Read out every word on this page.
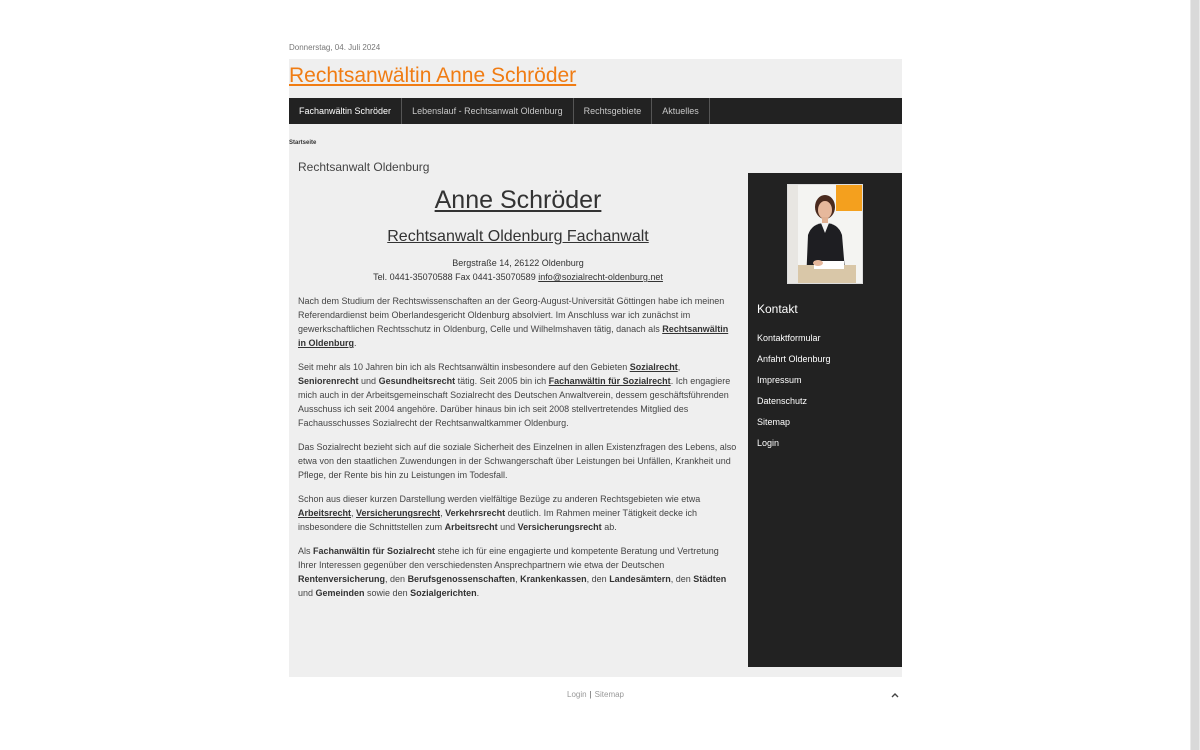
Donnerstag, 04. Juli 2024
Rechtsanwältin Anne Schröder
Fachanwältin Schröder	Lebenslauf - Rechtsanwalt Oldenburg	Rechtsgebiete	Aktuelles
Startseite
Rechtsanwalt Oldenburg
Anne Schröder
Rechtsanwalt Oldenburg Fachanwalt
Bergstraße 14, 26122 Oldenburg
Tel. 0441-35070588 Fax 0441-35070589 info@sozialrecht-oldenburg.net

Nach dem Studium der Rechtswissenschaften an der Georg-August-Universität Göttingen habe ich meinen Referendardienst beim Oberlandesgericht Oldenburg absolviert. Im Anschluss war ich zunächst im gewerkschaftlichen Rechtsschutz in Oldenburg, Celle und Wilhelmshaven tätig, danach als Rechtsanwältin in Oldenburg.

Seit mehr als 10 Jahren bin ich als Rechtsanwältin insbesondere auf den Gebieten Sozialrecht, Seniorenrecht und Gesundheitsrecht tätig. Seit 2005 bin ich Fachanwältin für Sozialrecht. Ich engagiere mich auch in der Arbeitsgemeinschaft Sozialrecht des Deutschen Anwaltverein, dessem geschäftsführenden Ausschuss ich seit 2004 angehöre. Darüber hinaus bin ich seit 2008 stellvertretendes Mitglied des Fachausschusses Sozialrecht der Rechtsanwaltkammer Oldenburg.

Das Sozialrecht bezieht sich auf die soziale Sicherheit des Einzelnen in allen Existenzfragen des Lebens, also etwa von den staatlichen Zuwendungen in der Schwangerschaft über Leistungen bei Unfällen, Krankheit und Pflege, der Rente bis hin zu Leistungen im Todesfall.

Schon aus dieser kurzen Darstellung werden vielfältige Bezüge zu anderen Rechtsgebieten wie etwa Arbeitsrecht, Versicherungsrecht, Verkehrsrecht deutlich. Im Rahmen meiner Tätigkeit decke ich insbesondere die Schnittstellen zum Arbeitsrecht und Versicherungsrecht ab.

Als Fachanwältin für Sozialrecht stehe ich für eine engagierte und kompetente Beratung und Vertretung Ihrer Interessen gegenüber den verschiedensten Ansprechpartnern wie etwa der Deutschen Rentenversicherung, den Berufsgenossenschaften, Krankenkassen, den Landesämtern, den Städten und Gemeinden sowie den Sozialgerichten.

Kontakt
Kontaktformular
Anfahrt Oldenburg
Impressum
Datenschutz
Sitemap
Login
Login | Sitemap
